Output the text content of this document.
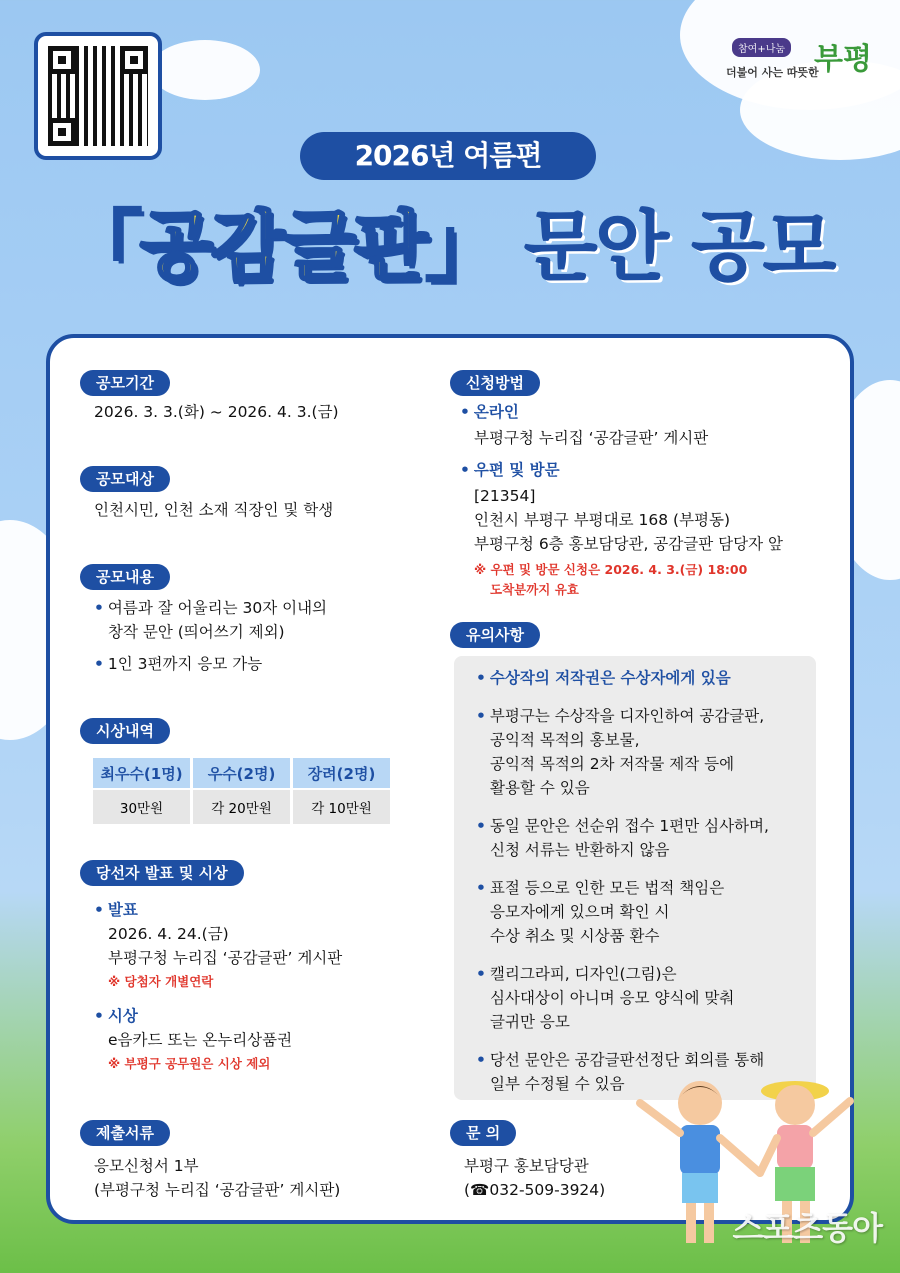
참여+나눔
더불어 사는 따뜻한
부평
2026년 여름편
「공감글판」 문안 공모
공모기간
2026. 3. 3.(화) ~ 2026. 4. 3.(금)
공모대상
인천시민, 인천 소재 직장인 및 학생
공모내용
• 여름과 잘 어울리는 30자 이내의
창작 문안 (띄어쓰기 제외)
• 1인 3편까지 응모 가능
시상내역
최우수(1명)	우수(2명)	장려(2명)
30만원	각 20만원	각 10만원
당선자 발표 및 시상
• 발표
2026. 4. 24.(금)
부평구청 누리집 ‘공감글판’ 게시판
※ 당첨자 개별연락
• 시상
e음카드 또는 온누리상품권
※ 부평구 공무원은 시상 제외
제출서류
응모신청서 1부
(부평구청 누리집 ‘공감글판’ 게시판)
신청방법
• 온라인
부평구청 누리집 ‘공감글판’ 게시판
• 우편 및 방문
[21354]
인천시 부평구 부평대로 168 (부평동)
부평구청 6층 홍보담당관, 공감글판 담당자 앞
※ 우편 및 방문 신청은 2026. 4. 3.(금) 18:00
도착분까지 유효
유의사항
• 수상작의 저작권은 수상자에게 있음
• 부평구는 수상작을 디자인하여 공감글판,
공익적 목적의 홍보물,
공익적 목적의 2차 저작물 제작 등에
활용할 수 있음
• 동일 문안은 선순위 접수 1편만 심사하며,
신청 서류는 반환하지 않음
• 표절 등으로 인한 모든 법적 책임은
응모자에게 있으며 확인 시
수상 취소 및 시상품 환수
• 캘리그라피, 디자인(그림)은
심사대상이 아니며 응모 양식에 맞춰
글귀만 응모
• 당선 문안은 공감글판선정단 회의를 통해
일부 수정될 수 있음
문 의
부평구 홍보담당관
(☎032-509-3924)
스포츠동아
